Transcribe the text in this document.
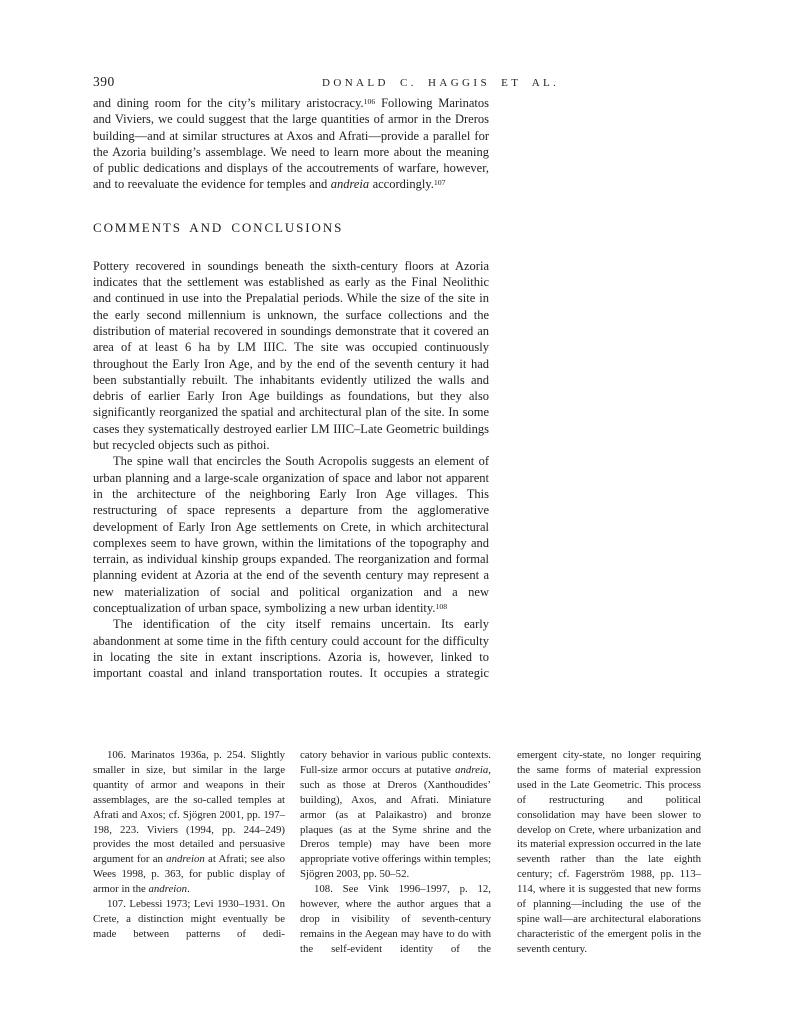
390	DONALD C. HAGGIS ET AL.

and dining room for the city’s military aristocracy.$^{106}$ Following Marinatos and Viviers, we could suggest that the large quantities of armor in the Dreros building—and at similar structures at Axos and Afrati—provide a parallel for the Azoria building’s assemblage. We need to learn more about the meaning of public dedications and displays of the accoutrements of warfare, however, and to reevaluate the evidence for temples and andreia accordingly.$^{107}$

COMMENTS AND CONCLUSIONS

Pottery recovered in soundings beneath the sixth-century floors at Azoria indicates that the settlement was established as early as the Final Neolithic and continued in use into the Prepalatial periods. While the size of the site in the early second millennium is unknown, the surface collections and the distribution of material recovered in soundings demonstrate that it covered an area of at least 6 ha by LM IIIC. The site was occupied continuously throughout the Early Iron Age, and by the end of the seventh century it had been substantially rebuilt. The inhabitants evidently utilized the walls and debris of earlier Early Iron Age buildings as foundations, but they also significantly reorganized the spatial and architectural plan of the site. In some cases they systematically destroyed earlier LM IIIC–Late Geometric buildings but recycled objects such as pithoi.

The spine wall that encircles the South Acropolis suggests an element of urban planning and a large-scale organization of space and labor not apparent in the architecture of the neighboring Early Iron Age villages. This restructuring of space represents a departure from the agglomerative development of Early Iron Age settlements on Crete, in which architectural complexes seem to have grown, within the limitations of the topography and terrain, as individual kinship groups expanded. The reorganization and formal planning evident at Azoria at the end of the seventh century may represent a new materialization of social and political organization and a new conceptualization of urban space, symbolizing a new urban identity.$^{108}$

The identification of the city itself remains uncertain. Its early abandonment at some time in the fifth century could account for the difficulty in locating the site in extant inscriptions. Azoria is, however, linked to important coastal and inland transportation routes. It occupies a strategic

106. Marinatos 1936a, p. 254. Slightly smaller in size, but similar in the large quantity of armor and weapons in their assemblages, are the so-called temples at Afrati and Axos; cf. Sjögren 2001, pp. 197–198, 223. Viviers (1994, pp. 244–249) provides the most detailed and persuasive argument for an andreion at Afrati; see also Wees 1998, p. 363, for public display of armor in the andreion.

107. Lebessi 1973; Levi 1930–1931. On Crete, a distinction might eventually be made between patterns of dedi-

catory behavior in various public contexts. Full-size armor occurs at putative andreia, such as those at Dreros (Xanthoudides’ building), Axos, and Afrati. Miniature armor (as at Palaikastro) and bronze plaques (as at the Syme shrine and the Dreros temple) may have been more appropriate votive offerings within temples; Sjögren 2003, pp. 50–52.

108. See Vink 1996–1997, p. 12, however, where the author argues that a drop in visibility of seventh-century remains in the Aegean may have to do with the self-evident identity of the

emergent city-state, no longer requiring the same forms of material expression used in the Late Geometric. This process of restructuring and political consolidation may have been slower to develop on Crete, where urbanization and its material expression occurred in the late seventh rather than the late eighth century; cf. Fagerström 1988, pp. 113–114, where it is suggested that new forms of planning—including the use of the spine wall—are architectural elaborations characteristic of the emergent polis in the seventh century.
